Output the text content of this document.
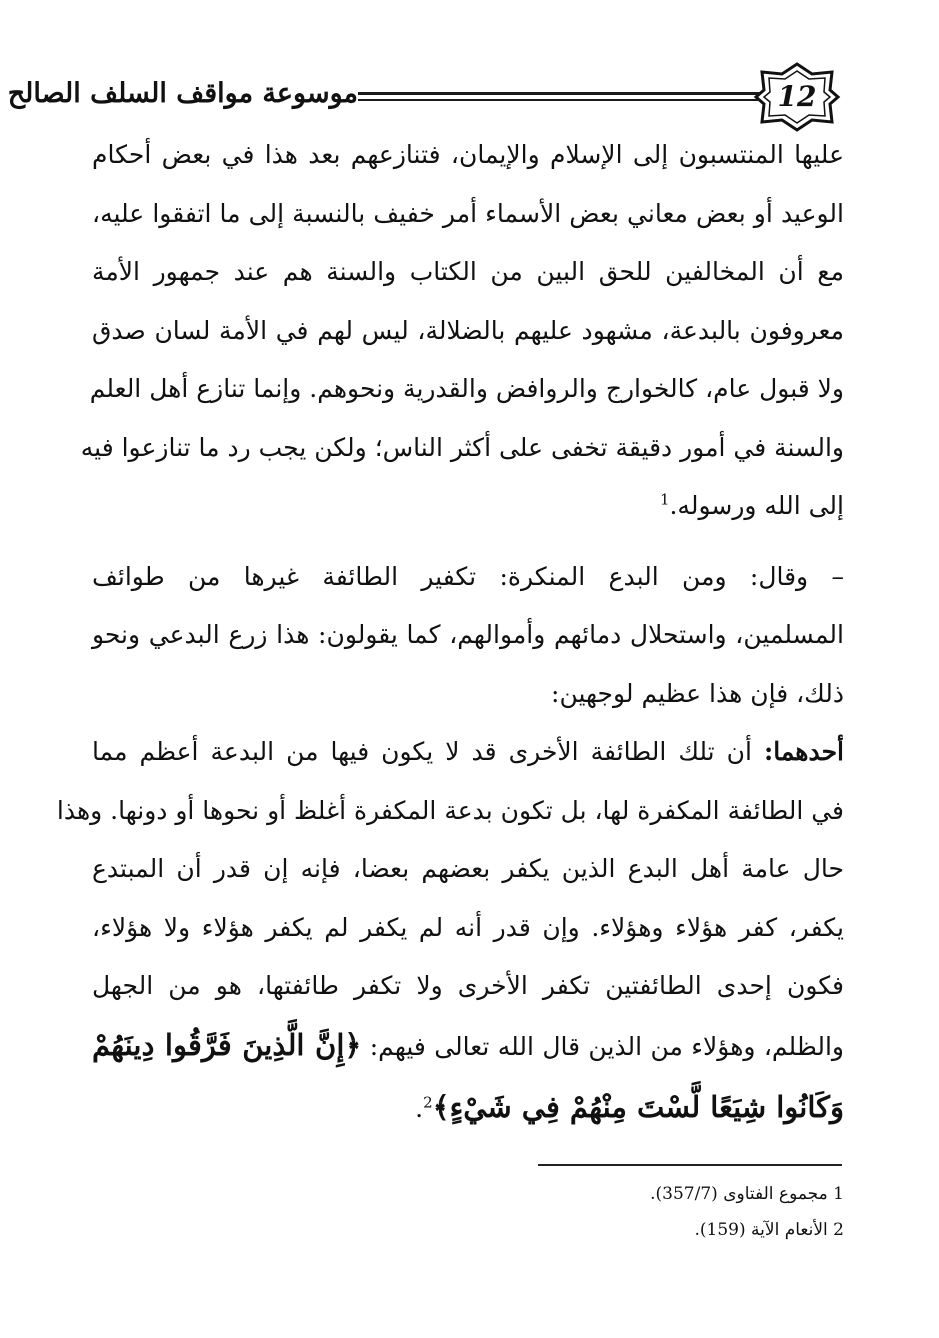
12
موسوعة مواقف السلف الصالح
عليها المنتسبون إلى الإسلام والإيمان، فتنازعهم بعد هذا في بعض أحكام
الوعيد أو بعض معاني بعض الأسماء أمر خفيف بالنسبة إلى ما اتفقوا عليه،
مع أن المخالفين للحق البين من الكتاب والسنة هم عند جمهور الأمة
معروفون بالبدعة، مشهود عليهم بالضلالة، ليس لهم في الأمة لسان صدق
ولا قبول عام، كالخوارج والروافض والقدرية ونحوهم. وإنما تنازع أهل العلم
والسنة في أمور دقيقة تخفى على أكثر الناس؛ ولكن يجب رد ما تنازعوا فيه
إلى الله ورسوله.$^1$
– وقال: ومن البدع المنكرة: تكفير الطائفة غيرها من طوائف
المسلمين، واستحلال دمائهم وأموالهم، كما يقولون: هذا زرع البدعي ونحو
ذلك، فإن هذا عظيم لوجهين:
أحدهما: أن تلك الطائفة الأخرى قد لا يكون فيها من البدعة أعظم مما
في الطائفة المكفرة لها، بل تكون بدعة المكفرة أغلظ أو نحوها أو دونها. وهذا
حال عامة أهل البدع الذين يكفر بعضهم بعضا، فإنه إن قدر أن المبتدع
يكفر، كفر هؤلاء وهؤلاء. وإن قدر أنه لم يكفر لم يكفر هؤلاء ولا هؤلاء،
فكون إحدى الطائفتين تكفر الأخرى ولا تكفر طائفتها، هو من الجهل
والظلم، وهؤلاء من الذين قال الله تعالى فيهم: ﴿إِنَّ الَّذِينَ فَرَّقُوا دِينَهُمْ
وَكَانُوا شِيَعًا لَّسْتَ مِنْهُمْ فِي شَيْءٍ﴾$^2$.
1 مجموع الفتاوى (357/7).
2 الأنعام الآية (159).
